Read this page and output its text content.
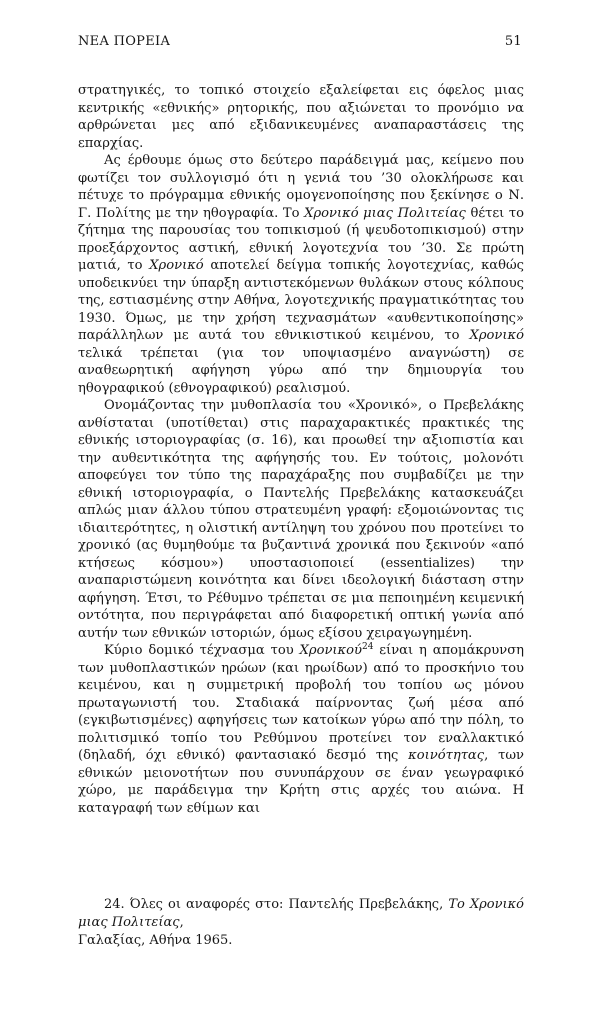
ΝΕΑ ΠΟΡΕΙΑ	51

στρατηγικές, το τοπικό στοιχείο εξαλείφεται εις όφελος μιας κεντρικής «εθνικής» ρητορικής, που αξιώνεται το προνόμιο να αρθρώνεται μες από εξιδανικευμένες αναπαραστάσεις της επαρχίας.

Ας έρθουμε όμως στο δεύτερο παράδειγμά μας, κείμενο που φωτίζει τον συλλογισμό ότι η γενιά του ’30 ολοκλήρωσε και πέτυχε το πρόγραμμα εθνικής ομογενοποίησης που ξεκίνησε ο Ν. Γ. Πολίτης με την ηθογραφία. Το Χρονικό μιας Πολιτείας θέτει το ζήτημα της παρουσίας του τοπικισμού (ή ψευδοτοπικισμού) στην προεξάρχοντος αστική, εθνική λογοτεχνία του ’30. Σε πρώτη ματιά, το Χρονικό αποτελεί δείγμα τοπικής λογοτεχνίας, καθώς υποδεικνύει την ύπαρξη αντιστεκόμενων θυλάκων στους κόλπους της, εστιασμένης στην Αθήνα, λογοτεχνικής πραγματικότητας του 1930. Όμως, με την χρήση τεχνασμάτων «αυθεντικοποίησης» παράλληλων με αυτά του εθνικιστικού κειμένου, το Χρονικό τελικά τρέπεται (για τον υποψιασμένο αναγνώστη) σε αναθεωρητική αφήγηση γύρω από την δημιουργία του ηθογραφικού (εθνογραφικού) ρεαλισμού.

Ονομάζοντας την μυθοπλασία του «Χρονικό», ο Πρεβελάκης ανθίσταται (υποτίθεται) στις παραχαρακτικές πρακτικές της εθνικής ιστοριογραφίας (σ. 16), και προωθεί την αξιοπιστία και την αυθεντικότητα της αφήγησής του. Εν τούτοις, μολονότι αποφεύγει τον τύπο της παραχάραξης που συμβαδίζει με την εθνική ιστοριογραφία, ο Παντελής Πρεβελάκης κατασκευάζει απλώς μιαν άλλου τύπου στρατευμένη γραφή: εξομοιώνοντας τις ιδιαιτερότητες, η ολιστική αντίληψη του χρόνου που προτείνει το χρονικό (ας θυμηθούμε τα βυζαντινά χρονικά που ξεκινούν «από κτήσεως κόσμου») υποστασιοποιεί (essentializes) την αναπαριστώμενη κοινότητα και δίνει ιδεολογική διάσταση στην αφήγηση. Έτσι, το Ρέθυμνο τρέπεται σε μια πεποιημένη κειμενική οντότητα, που περιγράφεται από διαφορετική οπτική γωνία από αυτήν των εθνικών ιστοριών, όμως εξίσου χειραγωγημένη.

Κύριο δομικό τέχνασμα του Χρονικού$^{24}$ είναι η απομάκρυνση των μυθοπλαστικών ηρώων (και ηρωίδων) από το προσκήνιο του κειμένου, και η συμμετρική προβολή του τοπίου ως μόνου πρωταγωνιστή του. Σταδιακά παίρνοντας ζωή μέσα από (εγκιβωτισμένες) αφηγήσεις των κατοίκων γύρω από την πόλη, το πολιτισμικό τοπίο του Ρεθύμνου προτείνει τον εναλλακτικό (δηλαδή, όχι εθνικό) φαντασιακό δεσμό της κοινότητας, των εθνικών μειονοτήτων που συνυπάρχουν σε έναν γεωγραφικό χώρο, με παράδειγμα την Κρήτη στις αρχές του αιώνα. Η καταγραφή των εθίμων και

24. Όλες οι αναφορές στο: Παντελής Πρεβελάκης, Το Χρονικό μιας Πολιτείας,
Γαλαξίας, Αθήνα 1965.
